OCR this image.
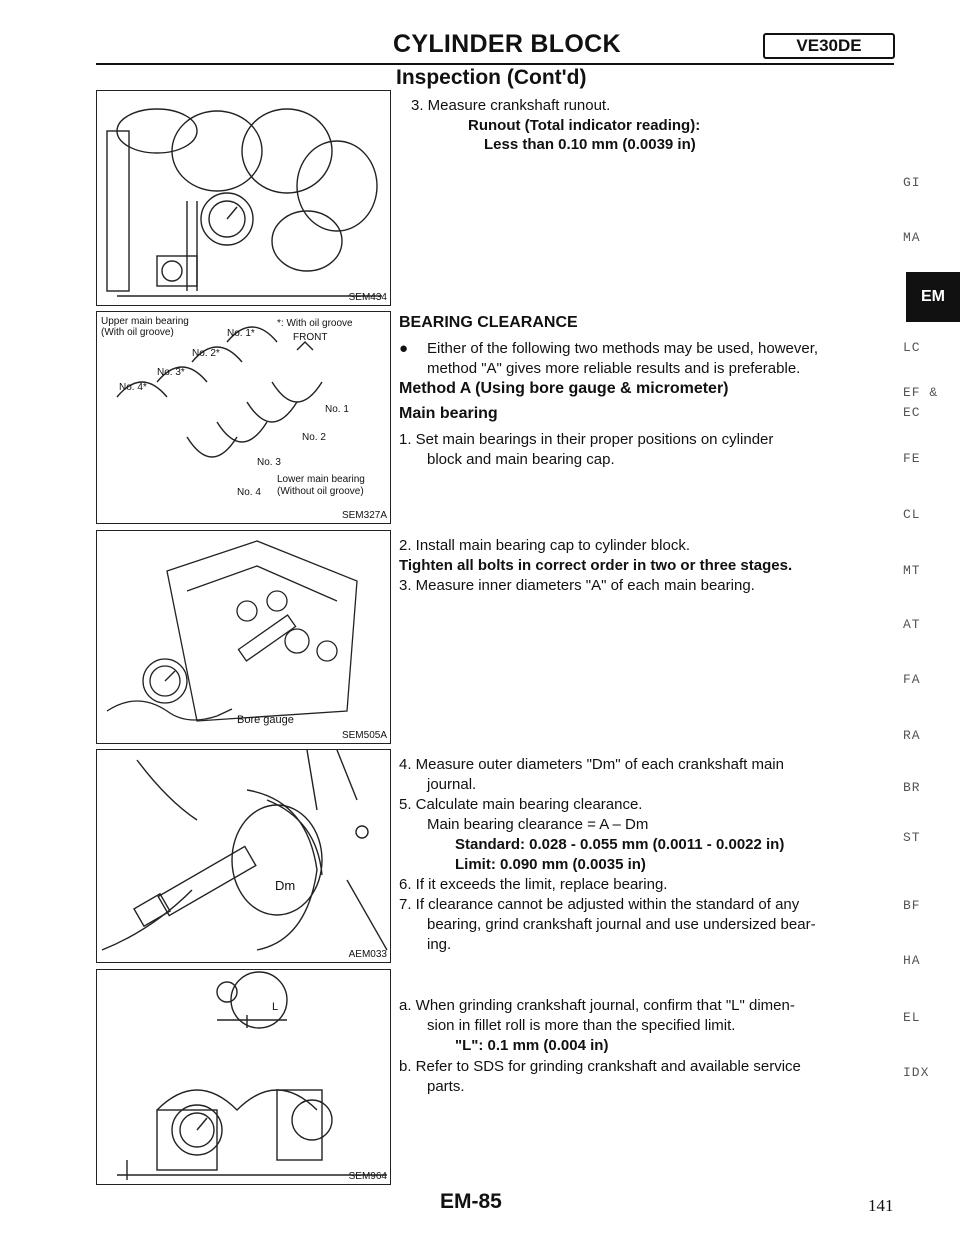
CYLINDER BLOCK	VE30DE
Inspection (Cont'd)
SEM434
Upper main bearing
(With oil groove)
*: With oil groove
FRONT
No. 1*
No. 2*
No. 3*
No. 4*
No. 1
No. 2
No. 3
No. 4
Lower main bearing
(Without oil groove)
SEM327A
Bore gauge
SEM505A
Dm
AEM033
L
SEM964
3. Measure crankshaft runout.
Runout (Total indicator reading):
Less than 0.10 mm (0.0039 in)
BEARING CLEARANCE
● Either of the following two methods may be used, however,
method "A" gives more reliable results and is preferable.
Method A (Using bore gauge & micrometer)
Main bearing
1. Set main bearings in their proper positions on cylinder
block and main bearing cap.
2. Install main bearing cap to cylinder block.
Tighten all bolts in correct order in two or three stages.
3. Measure inner diameters "A" of each main bearing.
4. Measure outer diameters "Dm" of each crankshaft main
journal.
5. Calculate main bearing clearance.
Main bearing clearance = A – Dm
Standard: 0.028 - 0.055 mm (0.0011 - 0.0022 in)
Limit: 0.090 mm (0.0035 in)
6. If it exceeds the limit, replace bearing.
7. If clearance cannot be adjusted within the standard of any
bearing, grind crankshaft journal and use undersized bear-
ing.
a. When grinding crankshaft journal, confirm that "L" dimen-
sion in fillet roll is more than the specified limit.
"L": 0.1 mm (0.004 in)
b. Refer to SDS for grinding crankshaft and available service
parts.
GI
MA
EM
LC
EF &
EC
FE
CL
MT
AT
FA
RA
BR
ST
BF
HA
EL
IDX
EM-85	141
